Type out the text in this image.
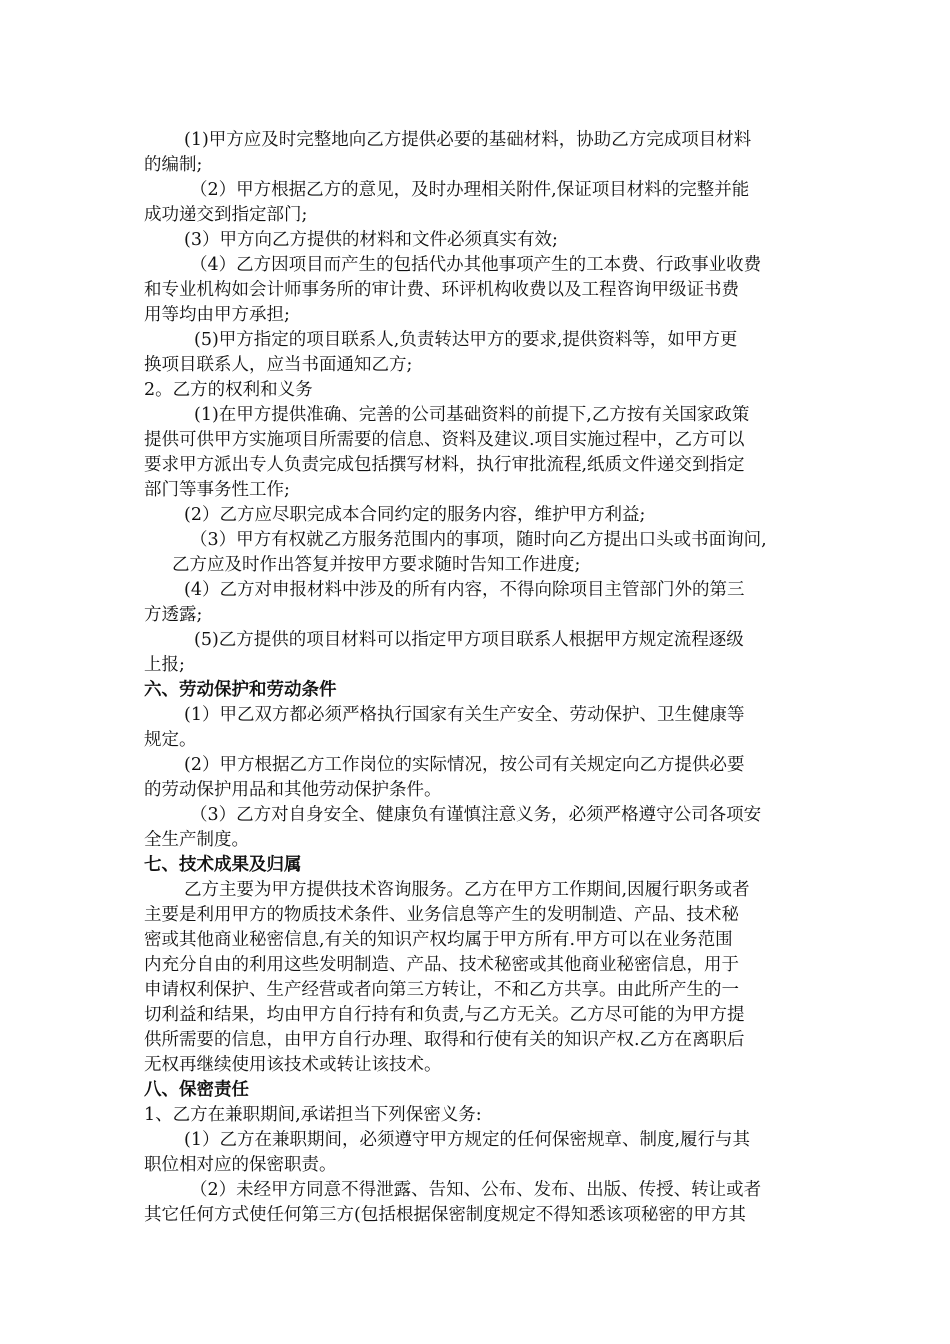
(1)甲方应及时完整地向乙方提供必要的基础材料，协助乙方完成项目材料
的编制;
（2）甲方根据乙方的意见，及时办理相关附件,保证项目材料的完整并能
成功递交到指定部门;
(3）甲方向乙方提供的材料和文件必须真实有效;
（4）乙方因项目而产生的包括代办其他事项产生的工本费、行政事业收费
和专业机构如会计师事务所的审计费、环评机构收费以及工程咨询甲级证书费
用等均由甲方承担;
(5)甲方指定的项目联系人,负责转达甲方的要求,提供资料等，如甲方更
换项目联系人，应当书面通知乙方;
2。乙方的权利和义务
(1)在甲方提供准确、完善的公司基础资料的前提下,乙方按有关国家政策
提供可供甲方实施项目所需要的信息、资料及建议.项目实施过程中，乙方可以
要求甲方派出专人负责完成包括撰写材料，执行审批流程,纸质文件递交到指定
部门等事务性工作;
(2）乙方应尽职完成本合同约定的服务内容，维护甲方利益;
（3）甲方有权就乙方服务范围内的事项，随时向乙方提出口头或书面询问,
乙方应及时作出答复并按甲方要求随时告知工作进度;
(4）乙方对申报材料中涉及的所有内容，不得向除项目主管部门外的第三
方透露;
(5)乙方提供的项目材料可以指定甲方项目联系人根据甲方规定流程逐级
上报;
六、劳动保护和劳动条件
(1）甲乙双方都必须严格执行国家有关生产安全、劳动保护、卫生健康等
规定。
(2）甲方根据乙方工作岗位的实际情况，按公司有关规定向乙方提供必要
的劳动保护用品和其他劳动保护条件。
（3）乙方对自身安全、健康负有谨慎注意义务，必须严格遵守公司各项安
全生产制度。
七、技术成果及归属
乙方主要为甲方提供技术咨询服务。乙方在甲方工作期间,因履行职务或者
主要是利用甲方的物质技术条件、业务信息等产生的发明制造、产品、技术秘
密或其他商业秘密信息,有关的知识产权均属于甲方所有.甲方可以在业务范围
内充分自由的利用这些发明制造、产品、技术秘密或其他商业秘密信息，用于
申请权利保护、生产经营或者向第三方转让，不和乙方共享。由此所产生的一
切利益和结果，均由甲方自行持有和负责,与乙方无关。乙方尽可能的为甲方提
供所需要的信息，由甲方自行办理、取得和行使有关的知识产权.乙方在离职后
无权再继续使用该技术或转让该技术。
八、保密责任
1、乙方在兼职期间,承诺担当下列保密义务:
(1）乙方在兼职期间，必须遵守甲方规定的任何保密规章、制度,履行与其
职位相对应的保密职责。
（2）未经甲方同意不得泄露、告知、公布、发布、出版、传授、转让或者
其它任何方式使任何第三方(包括根据保密制度规定不得知悉该项秘密的甲方其
